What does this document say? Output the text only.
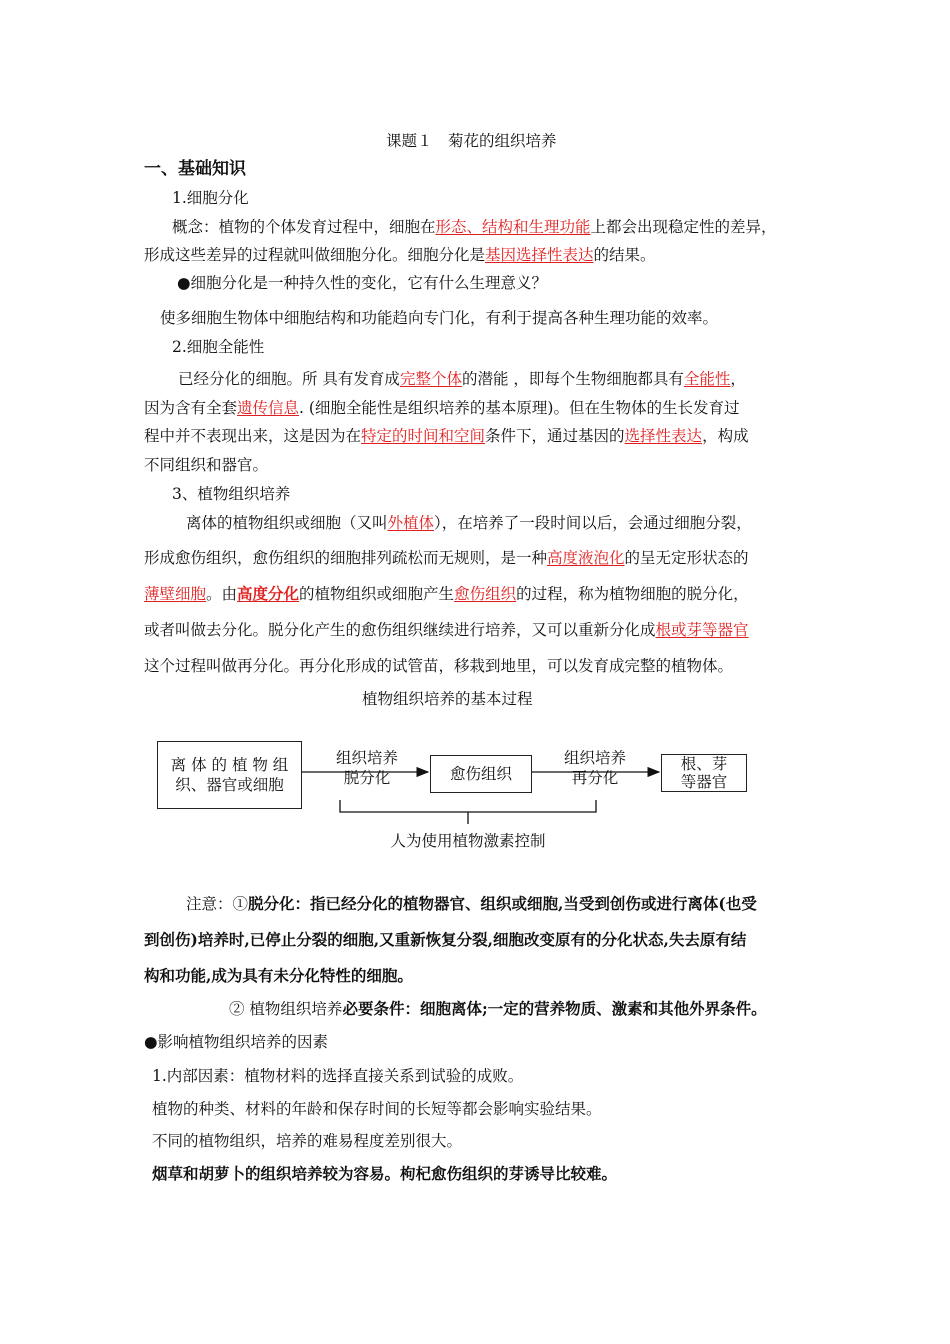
课题１　菊花的组织培养
一、基础知识
1.细胞分化
概念：植物的个体发育过程中，细胞在形态、结构和生理功能上都会出现稳定性的差异，
形成这些差异的过程就叫做细胞分化。细胞分化是基因选择性表达的结果。
●细胞分化是一种持久性的变化，它有什么生理意义？
使多细胞生物体中细胞结构和功能趋向专门化，有利于提高各种生理功能的效率。
2.细胞全能性
已经分化的细胞。所 具有发育成完整个体的潜能 ，即每个生物细胞都具有全能性，
因为含有全套遗传信息. (细胞全能性是组织培养的基本原理)。但在生物体的生长发育过
程中并不表现出来，这是因为在特定的时间和空间条件下，通过基因的选择性表达，构成
不同组织和器官。
3、植物组织培养
离体的植物组织或细胞（又叫外植体），在培养了一段时间以后，会通过细胞分裂，
形成愈伤组织，愈伤组织的细胞排列疏松而无规则，是一种高度液泡化的呈无定形状态的
薄壁细胞。由高度分化的植物组织或细胞产生愈伤组织的过程，称为植物细胞的脱分化，
或者叫做去分化。脱分化产生的愈伤组织继续进行培养，又可以重新分化成根或芽等器官
这个过程叫做再分化。再分化形成的试管苗，移栽到地里，可以发育成完整的植物体。
植物组织培养的基本过程
离 体 的 植 物 组
织、器官或细胞
组织培养
脱分化	愈伤组织
组织培养
再分化
根、芽
等器官
人为使用植物激素控制
注意：①脱分化：指已经分化的植物器官、组织或细胞,当受到创伤或进行离体(也受
到创伤)培养时,已停止分裂的细胞,又重新恢复分裂,细胞改变原有的分化状态,失去原有结
构和功能,成为具有未分化特性的细胞。
② 植物组织培养必要条件：细胞离体;一定的营养物质、激素和其他外界条件。
●影响植物组织培养的因素
1.内部因素：植物材料的选择直接关系到试验的成败。
植物的种类、材料的年龄和保存时间的长短等都会影响实验结果。
不同的植物组织，培养的难易程度差别很大。
烟草和胡萝卜的组织培养较为容易。枸杞愈伤组织的芽诱导比较难。
